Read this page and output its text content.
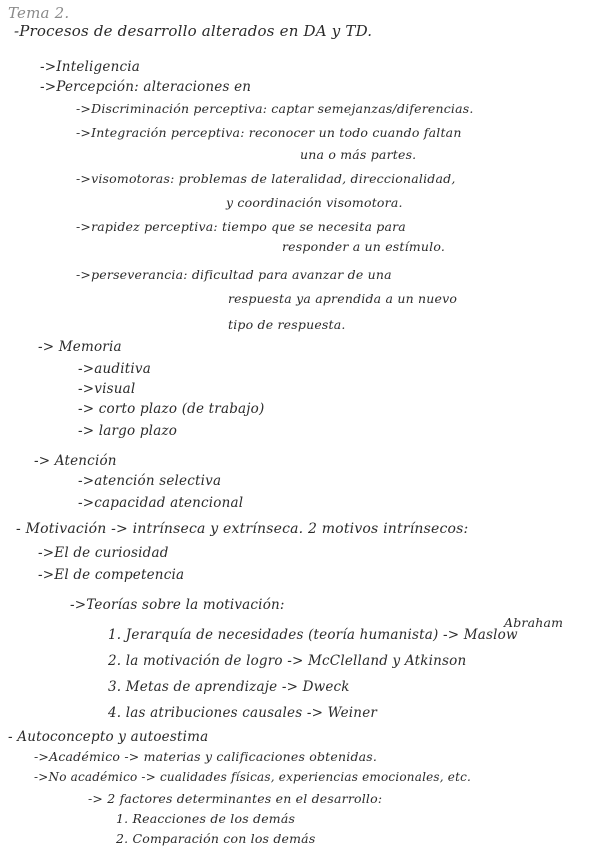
Tema 2.
-Procesos de desarrollo alterados en DA y TD.
->Inteligencia
->Percepción: alteraciones en
->Discriminación perceptiva: captar semejanzas/diferencias.
->Integración perceptiva: reconocer un todo cuando faltan
una o más partes.
->visomotoras: problemas de lateralidad, direccionalidad,
y coordinación visomotora.
->rapidez perceptiva: tiempo que se necesita para
responder a un estímulo.
->perseverancia: dificultad para avanzar de una
respuesta ya aprendida a un nuevo
tipo de respuesta.
-> Memoria
->auditiva
->visual
-> corto plazo (de trabajo)
-> largo plazo
-> Atención
->atención selectiva
->capacidad atencional
- Motivación -> intrínseca y extrínseca. 2 motivos intrínsecos:
->El de curiosidad
->El de competencia
->Teorías sobre la motivación:
Abraham
1. Jerarquía de necesidades (teoría humanista) -> Maslow
2. la motivación de logro -> McClelland y Atkinson
3. Metas de aprendizaje -> Dweck
4. las atribuciones causales -> Weiner
- Autoconcepto y autoestima
->Académico -> materias y calificaciones obtenidas.
->No académico -> cualidades físicas, experiencias emocionales, etc.
-> 2 factores determinantes en el desarrollo:
1. Reacciones de los demás
2. Comparación con los demás
